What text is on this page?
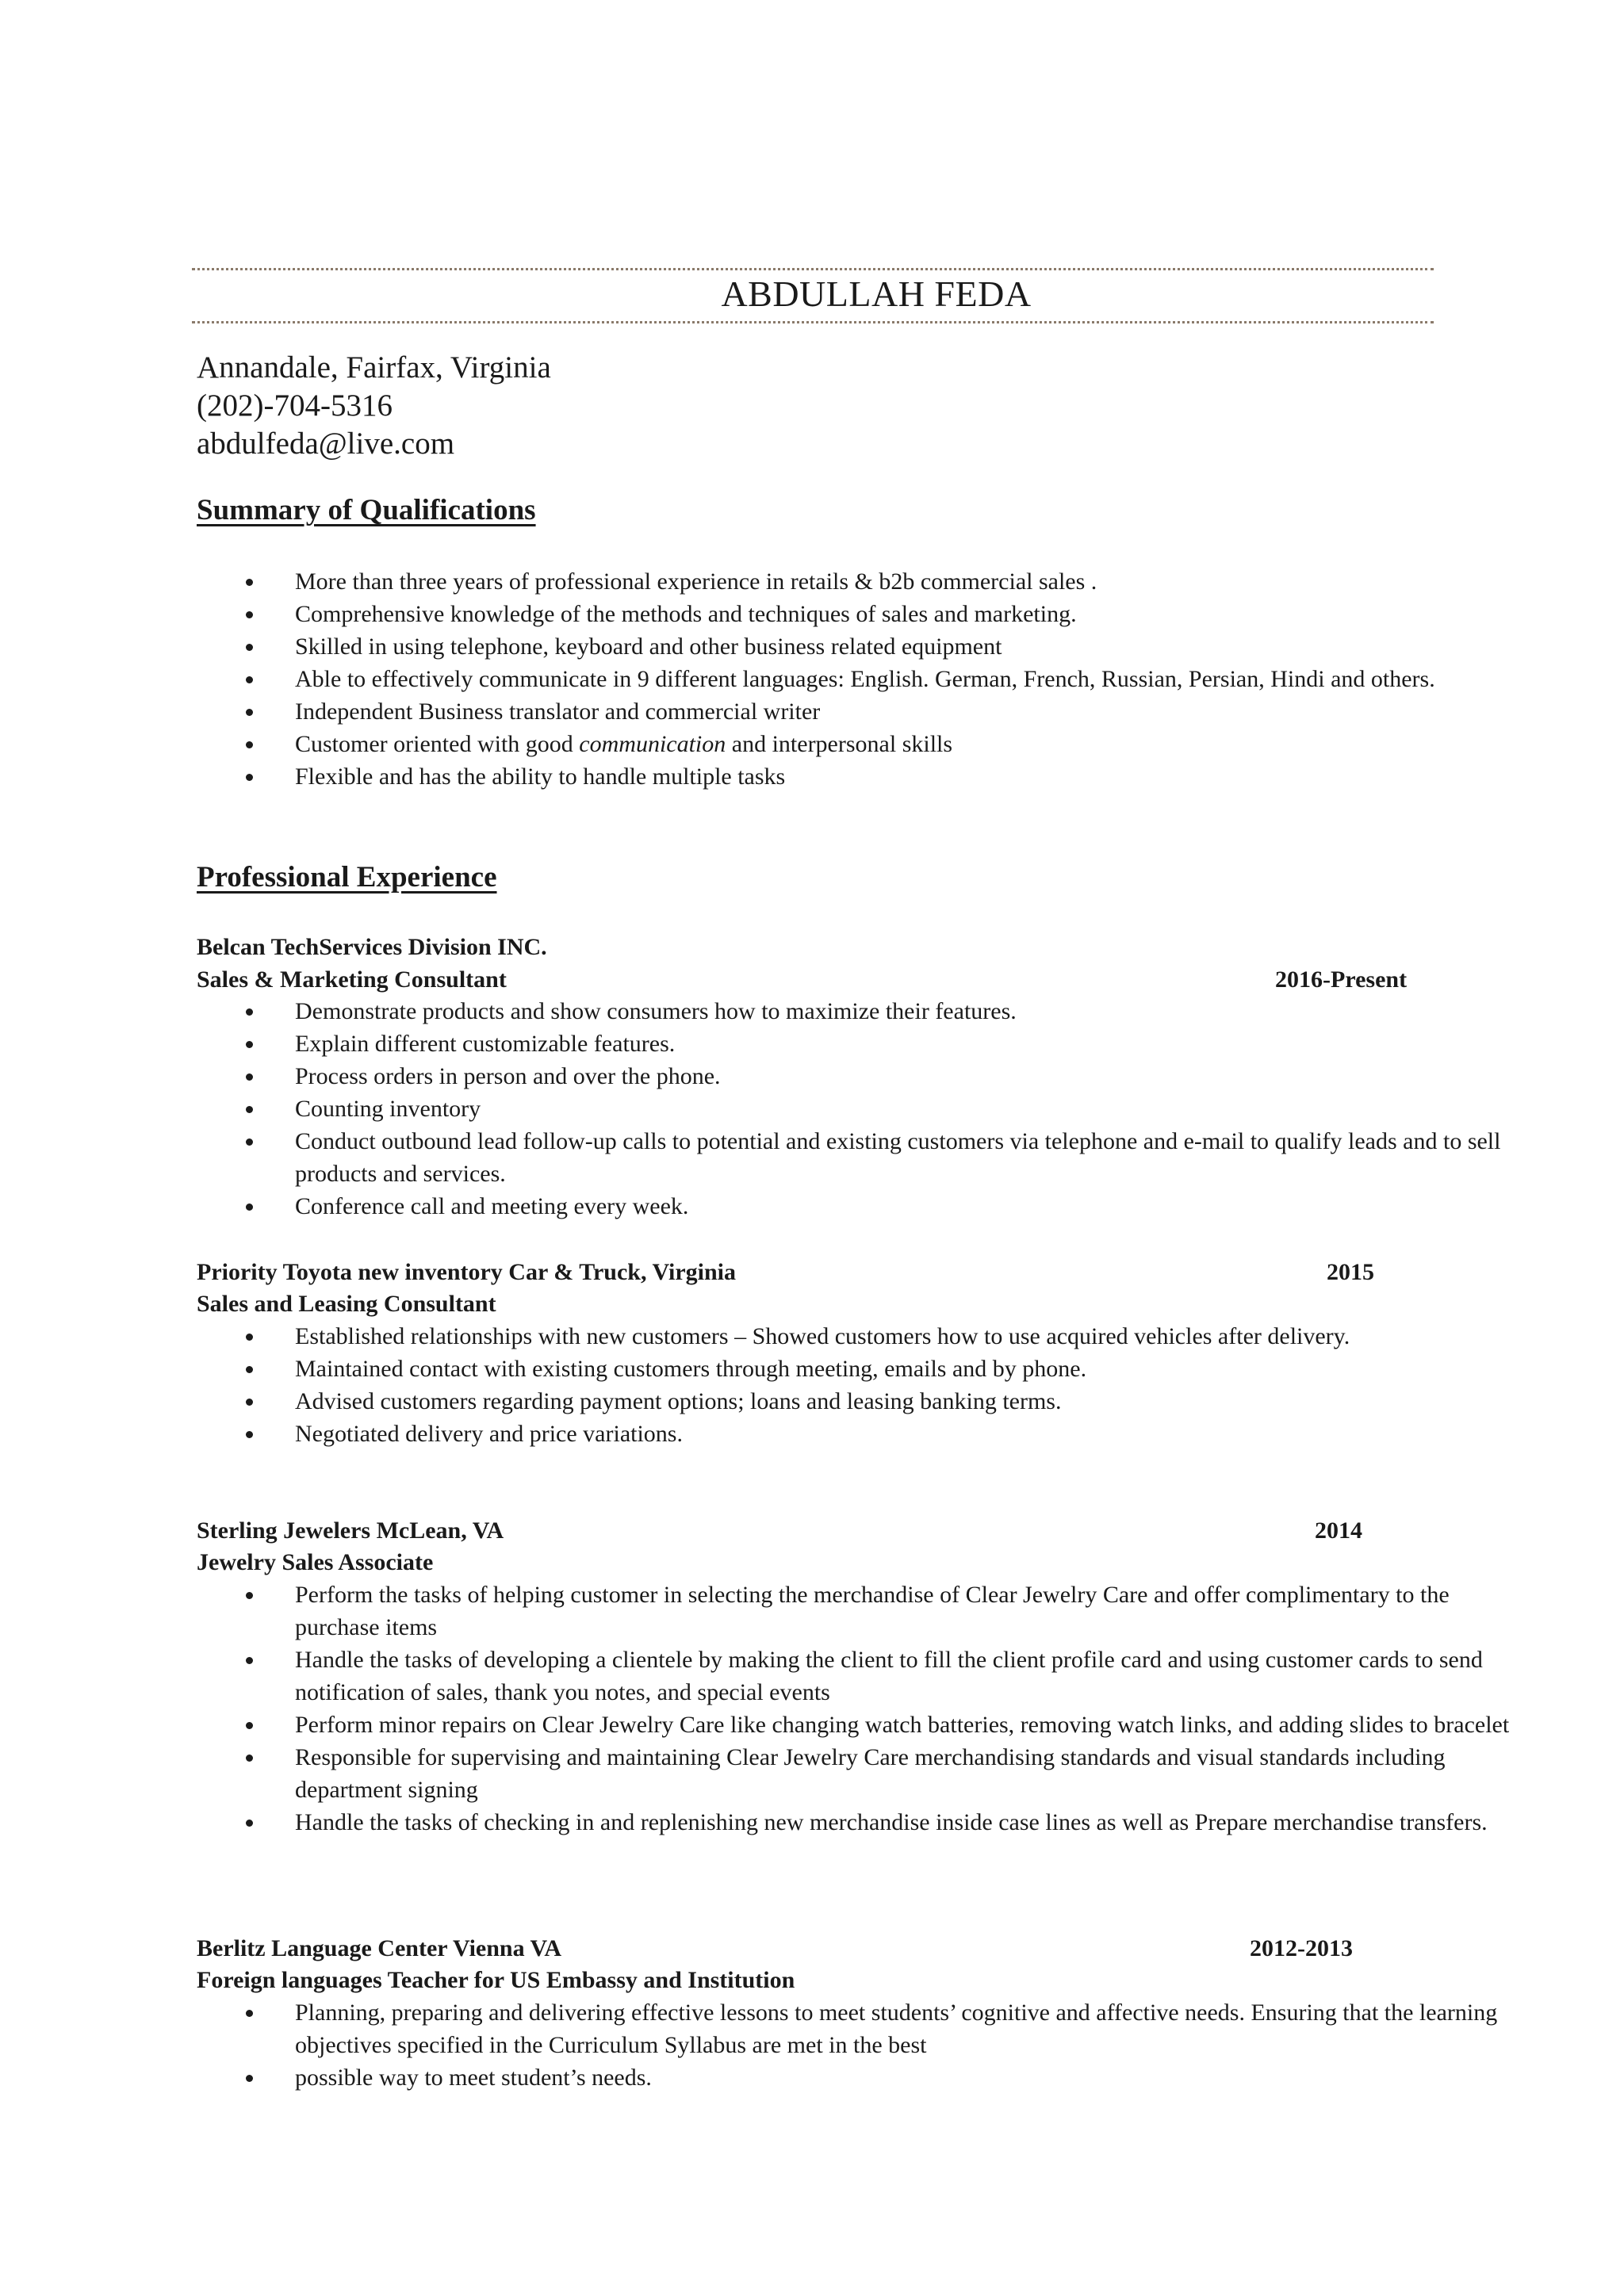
ABDULLAH FEDA
Annandale, Fairfax, Virginia
(202)-704-5316
abdulfeda@live.com
Summary of Qualifications
More than three years of professional experience in retails & b2b commercial sales .
Comprehensive knowledge of the methods and techniques of sales and marketing.
Skilled in using telephone, keyboard and other business related equipment
Able to effectively communicate in 9 different languages: English. German, French, Russian, Persian, Hindi and others.
Independent Business translator and commercial writer
Customer oriented with good communication and interpersonal skills
Flexible and has the ability to handle multiple tasks
Professional Experience
Belcan TechServices Division INC.
Sales & Marketing Consultant	2016-Present
Demonstrate products and show consumers how to maximize their features.
Explain different customizable features.
Process orders in person and over the phone.
Counting inventory
Conduct outbound lead follow-up calls to potential and existing customers via telephone and e-mail to qualify leads and to sell products and services.
Conference call and meeting every week.
Priority Toyota new inventory Car & Truck, Virginia	2015
Sales and Leasing Consultant
Established relationships with new customers – Showed customers how to use acquired vehicles after delivery.
Maintained contact with existing customers through meeting, emails and by phone.
Advised customers regarding payment options; loans and leasing banking terms.
Negotiated delivery and price variations.
Sterling Jewelers McLean, VA	2014
Jewelry Sales Associate
Perform the tasks of helping customer in selecting the merchandise of Clear Jewelry Care and offer complimentary to the purchase items
Handle the tasks of developing a clientele by making the client to fill the client profile card and using customer cards to send notification of sales, thank you notes, and special events
Perform minor repairs on Clear Jewelry Care like changing watch batteries, removing watch links, and adding slides to bracelet
Responsible for supervising and maintaining Clear Jewelry Care merchandising standards and visual standards including department signing
Handle the tasks of checking in and replenishing new merchandise inside case lines as well as Prepare merchandise transfers.
Berlitz Language Center Vienna VA	2012-2013
Foreign languages Teacher for US Embassy and Institution
Planning, preparing and delivering effective lessons to meet students’ cognitive and affective needs. Ensuring that the learning objectives specified in the Curriculum Syllabus are met in the best
possible way to meet student’s needs.
